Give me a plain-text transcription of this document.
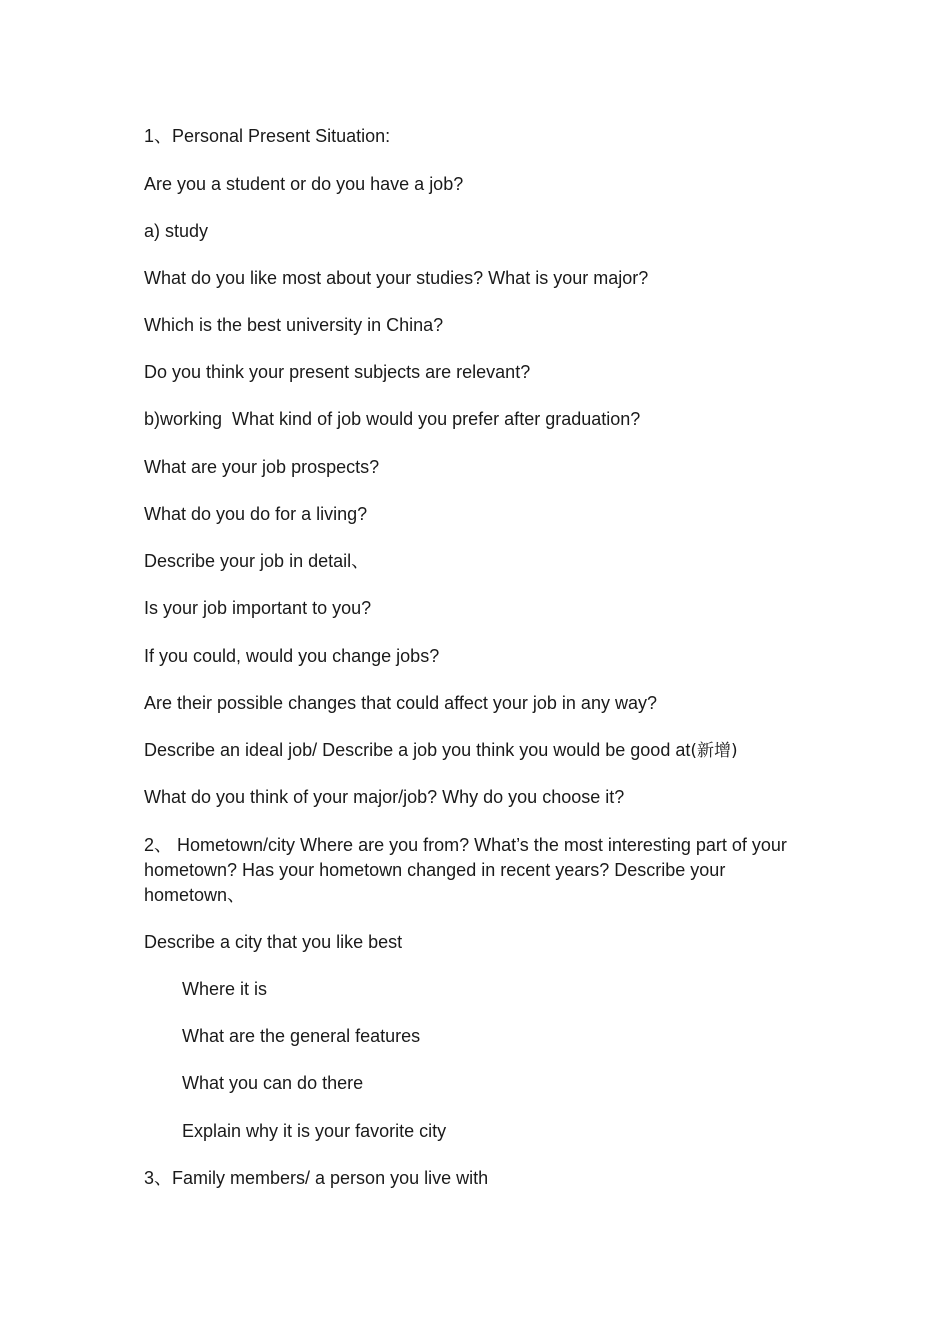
1、Personal Present Situation:
Are you a student or do you have a job?
a) study
What do you like most about your studies? What is your major?
Which is the best university in China?
Do you think your present subjects are relevant?
b)working  What kind of job would you prefer after graduation?
What are your job prospects?
What do you do for a living?
Describe your job in detail、
Is your job important to you?
If you could, would you change jobs?
Are their possible changes that could affect your job in any way?
Describe an ideal job/ Describe a job you think you would be good at(新增)
What do you think of your major/job? Why do you choose it?
2、 Hometown/city Where are you from? What’s the most interesting part of your hometown? Has your hometown changed in recent years? Describe your hometown、
Describe a city that you like best
Where it is
What are the general features
What you can do there
Explain why it is your favorite city
3、Family members/ a person you live with
